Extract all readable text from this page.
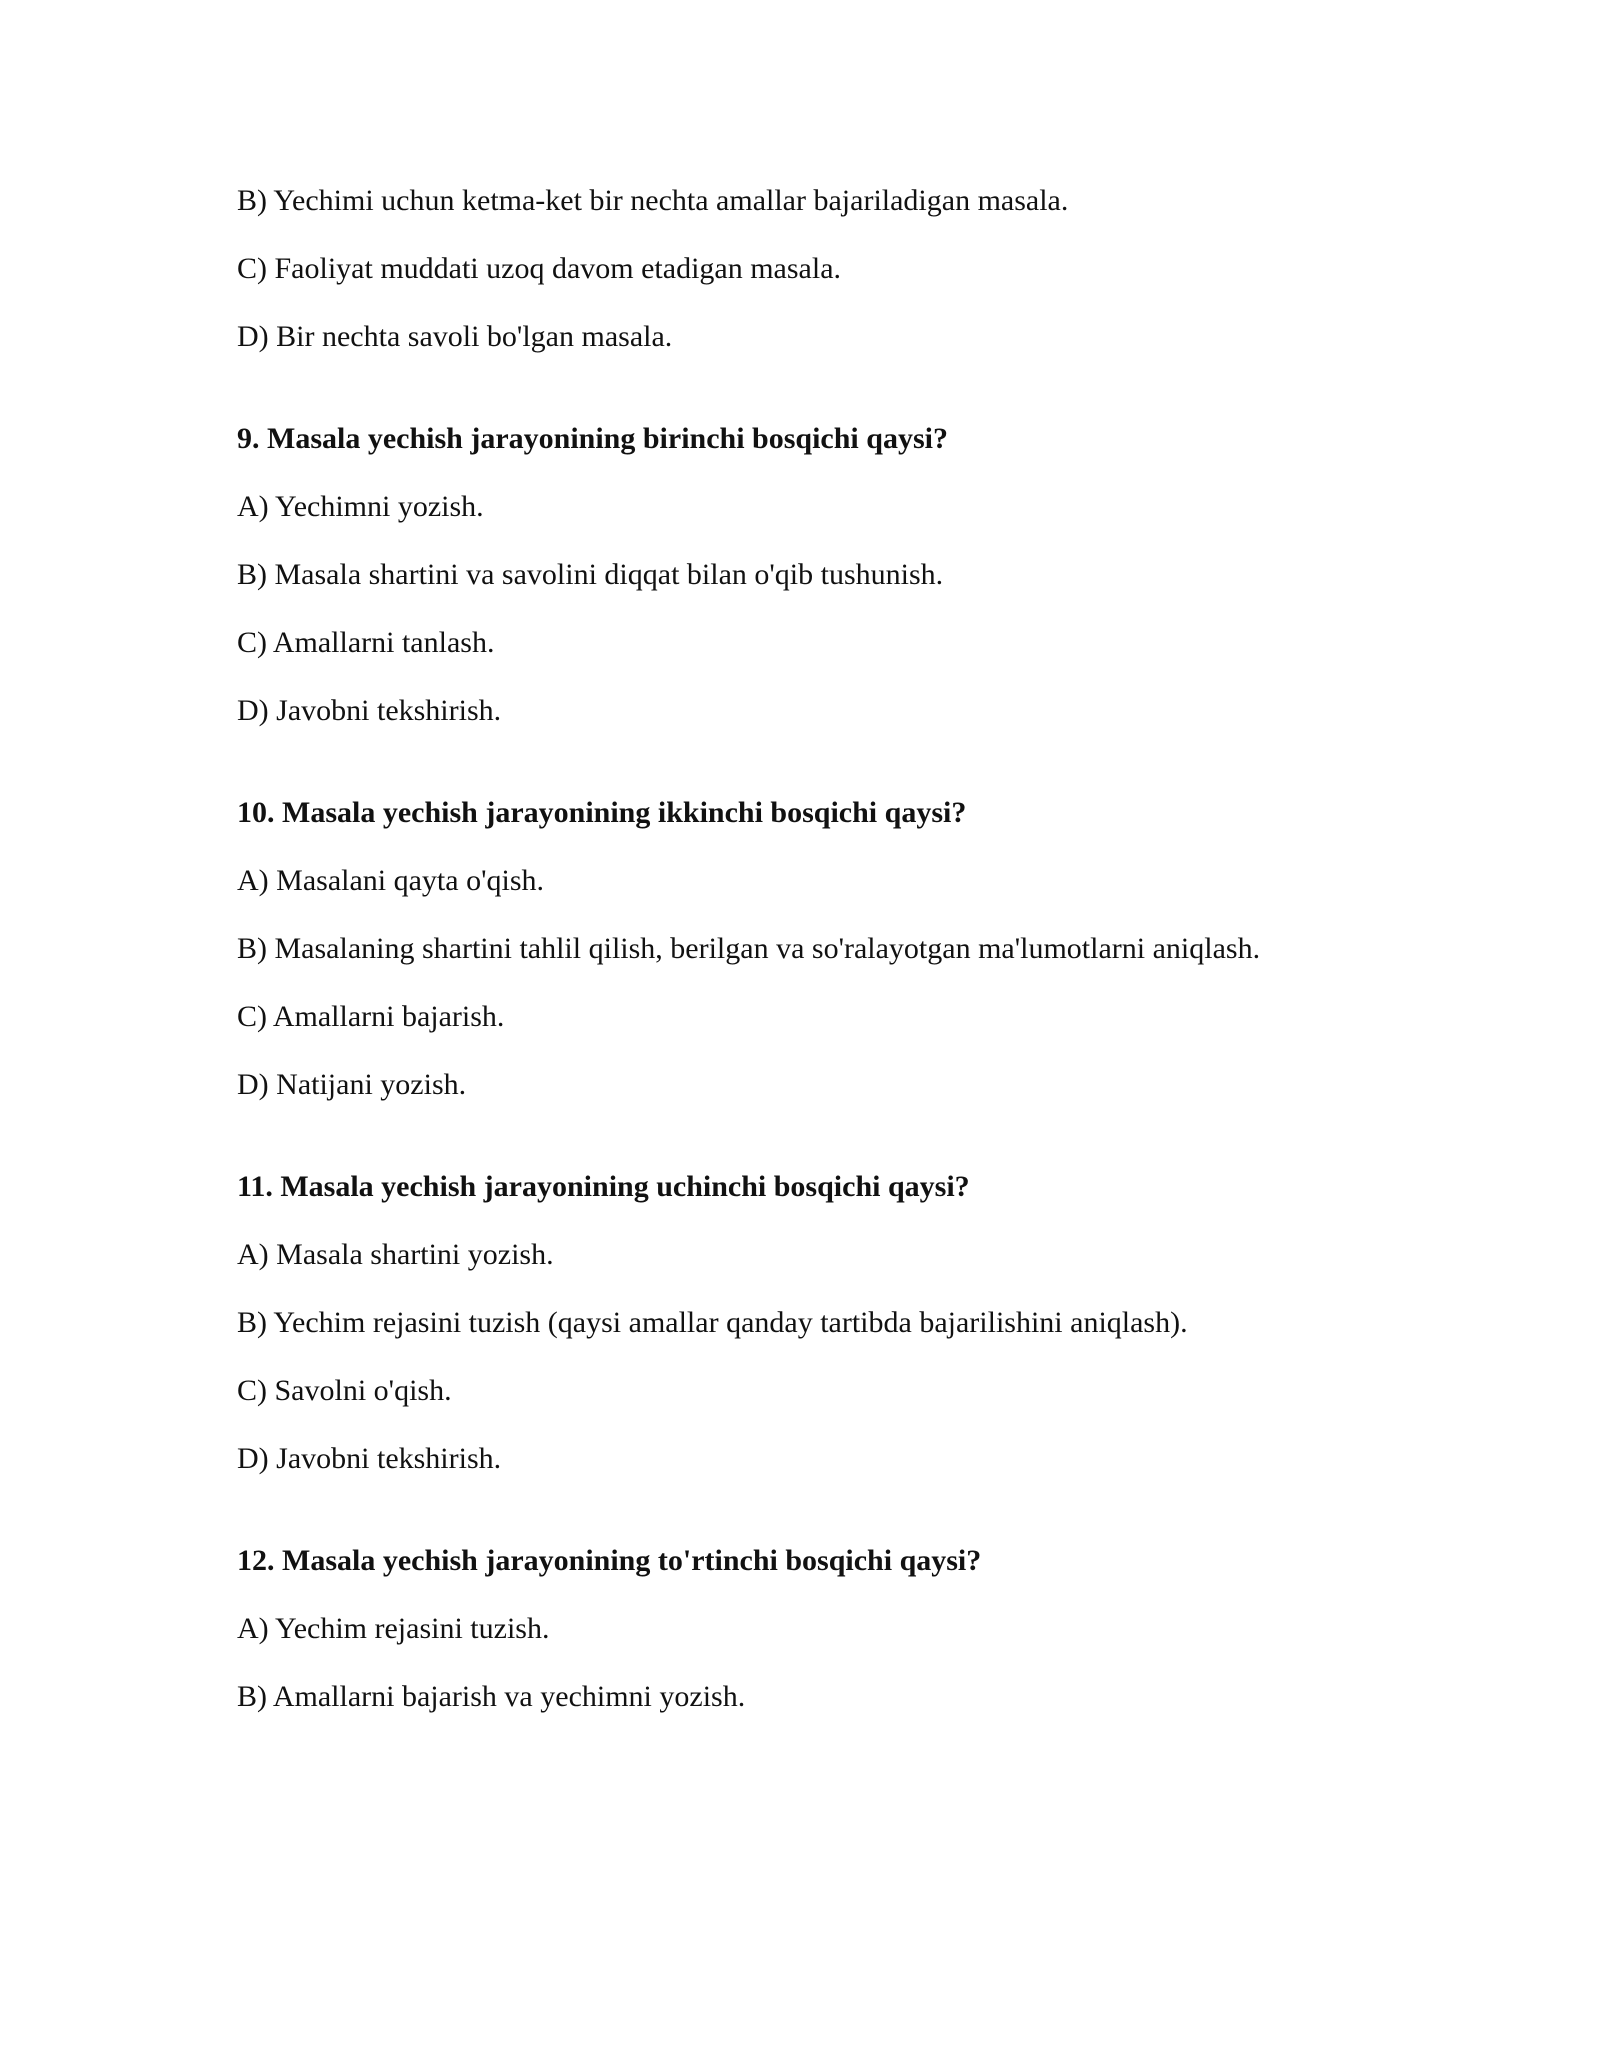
B) Yechimi uchun ketma-ket bir nechta amallar bajariladigan masala.
C) Faoliyat muddati uzoq davom etadigan masala.
D) Bir nechta savoli bo'lgan masala.
9. Masala yechish jarayonining birinchi bosqichi qaysi?
A) Yechimni yozish.
B) Masala shartini va savolini diqqat bilan o'qib tushunish.
C) Amallarni tanlash.
D) Javobni tekshirish.
10. Masala yechish jarayonining ikkinchi bosqichi qaysi?
A) Masalani qayta o'qish.
B) Masalaning shartini tahlil qilish, berilgan va so'ralayotgan ma'lumotlarni aniqlash.
C) Amallarni bajarish.
D) Natijani yozish.
11. Masala yechish jarayonining uchinchi bosqichi qaysi?
A) Masala shartini yozish.
B) Yechim rejasini tuzish (qaysi amallar qanday tartibda bajarilishini aniqlash).
C) Savolni o'qish.
D) Javobni tekshirish.
12. Masala yechish jarayonining to'rtinchi bosqichi qaysi?
A) Yechim rejasini tuzish.
B) Amallarni bajarish va yechimni yozish.
